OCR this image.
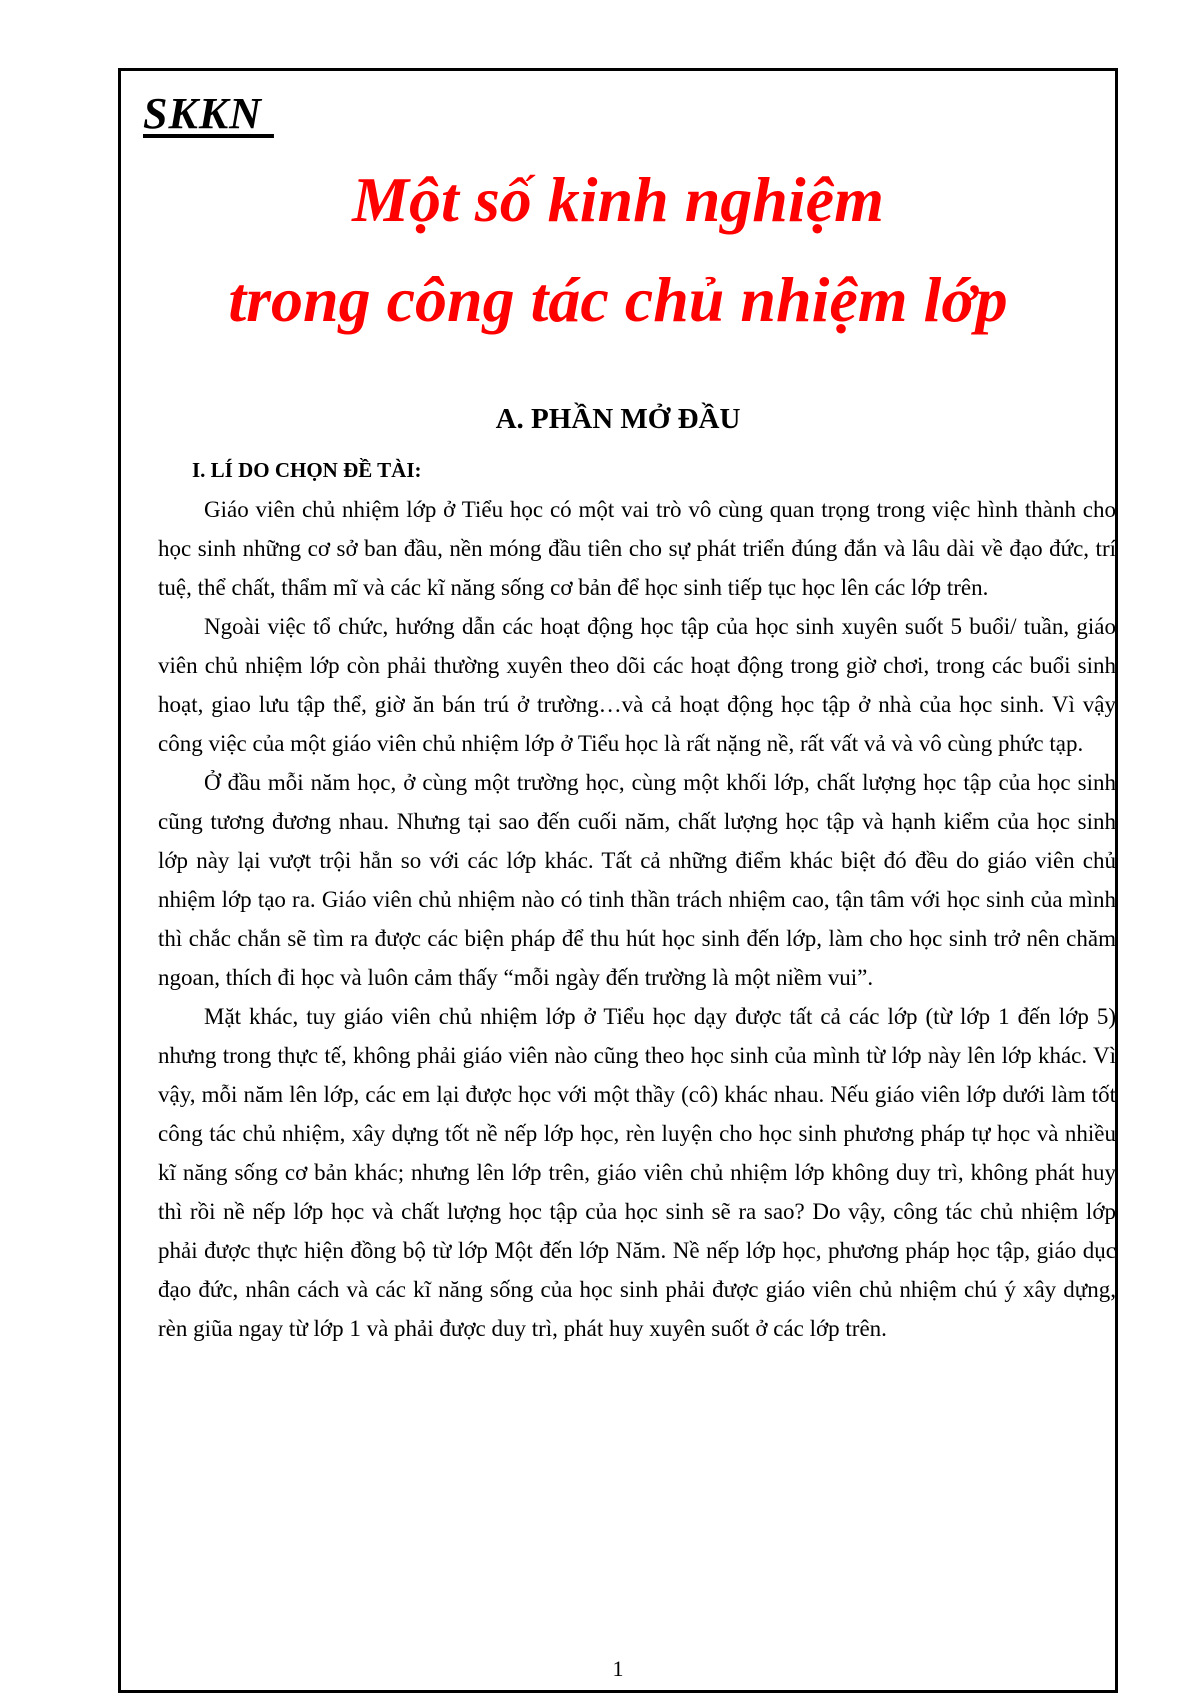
SKKN
Một số kinh nghiệm
trong công tác chủ nhiệm lớp
A. PHẦN MỞ ĐẦU
I. LÍ DO CHỌN ĐỀ TÀI:

Giáo viên chủ nhiệm lớp ở Tiểu học có một vai trò vô cùng quan trọng trong việc hình thành cho học sinh những cơ sở ban đầu, nền móng đầu tiên cho sự phát triển đúng đắn và lâu dài về đạo đức, trí tuệ, thể chất, thẩm mĩ và các kĩ năng sống cơ bản để học sinh tiếp tục học lên các lớp trên.

Ngoài việc tổ chức, hướng dẫn các hoạt động học tập của học sinh xuyên suốt 5 buổi/ tuần, giáo viên chủ nhiệm lớp còn phải thường xuyên theo dõi các hoạt động trong giờ chơi, trong các buổi sinh hoạt, giao lưu tập thể, giờ ăn bán trú ở trường…và cả hoạt động học tập ở nhà của học sinh. Vì vậy công việc của một giáo viên chủ nhiệm lớp ở Tiểu học là rất nặng nề, rất vất vả và vô cùng phức tạp.

Ở đầu mỗi năm học, ở cùng một trường học, cùng một khối lớp, chất lượng học tập của học sinh cũng tương đương nhau. Nhưng tại sao đến cuối năm, chất lượng học tập và hạnh kiểm của học sinh lớp này lại vượt trội hẳn so với các lớp khác. Tất cả những điểm khác biệt đó đều do giáo viên chủ nhiệm lớp tạo ra. Giáo viên chủ nhiệm nào có tinh thần trách nhiệm cao, tận tâm với học sinh của mình thì chắc chắn sẽ tìm ra được các biện pháp để thu hút học sinh đến lớp, làm cho học sinh trở nên chăm ngoan, thích đi học và luôn cảm thấy “mỗi ngày đến trường là một niềm vui”.

Mặt khác, tuy giáo viên chủ nhiệm lớp ở Tiểu học dạy được tất cả các lớp (từ lớp 1 đến lớp 5) nhưng trong thực tế, không phải giáo viên nào cũng theo học sinh của mình từ lớp này lên lớp khác. Vì vậy, mỗi năm lên lớp, các em lại được học với một thầy (cô) khác nhau. Nếu giáo viên lớp dưới làm tốt công tác chủ nhiệm, xây dựng tốt nề nếp lớp học, rèn luyện cho học sinh phương pháp tự học và nhiều kĩ năng sống cơ bản khác; nhưng lên lớp trên, giáo viên chủ nhiệm lớp không duy trì, không phát huy thì rồi nề nếp lớp học và chất lượng học tập của học sinh sẽ ra sao? Do vậy, công tác chủ nhiệm lớp phải được thực hiện đồng bộ từ lớp Một đến lớp Năm. Nề nếp lớp học, phương pháp học tập, giáo dục đạo đức, nhân cách và các kĩ năng sống của học sinh phải được giáo viên chủ nhiệm chú ý xây dựng, rèn giũa ngay từ lớp 1 và phải được duy trì, phát huy xuyên suốt ở các lớp trên.

1
